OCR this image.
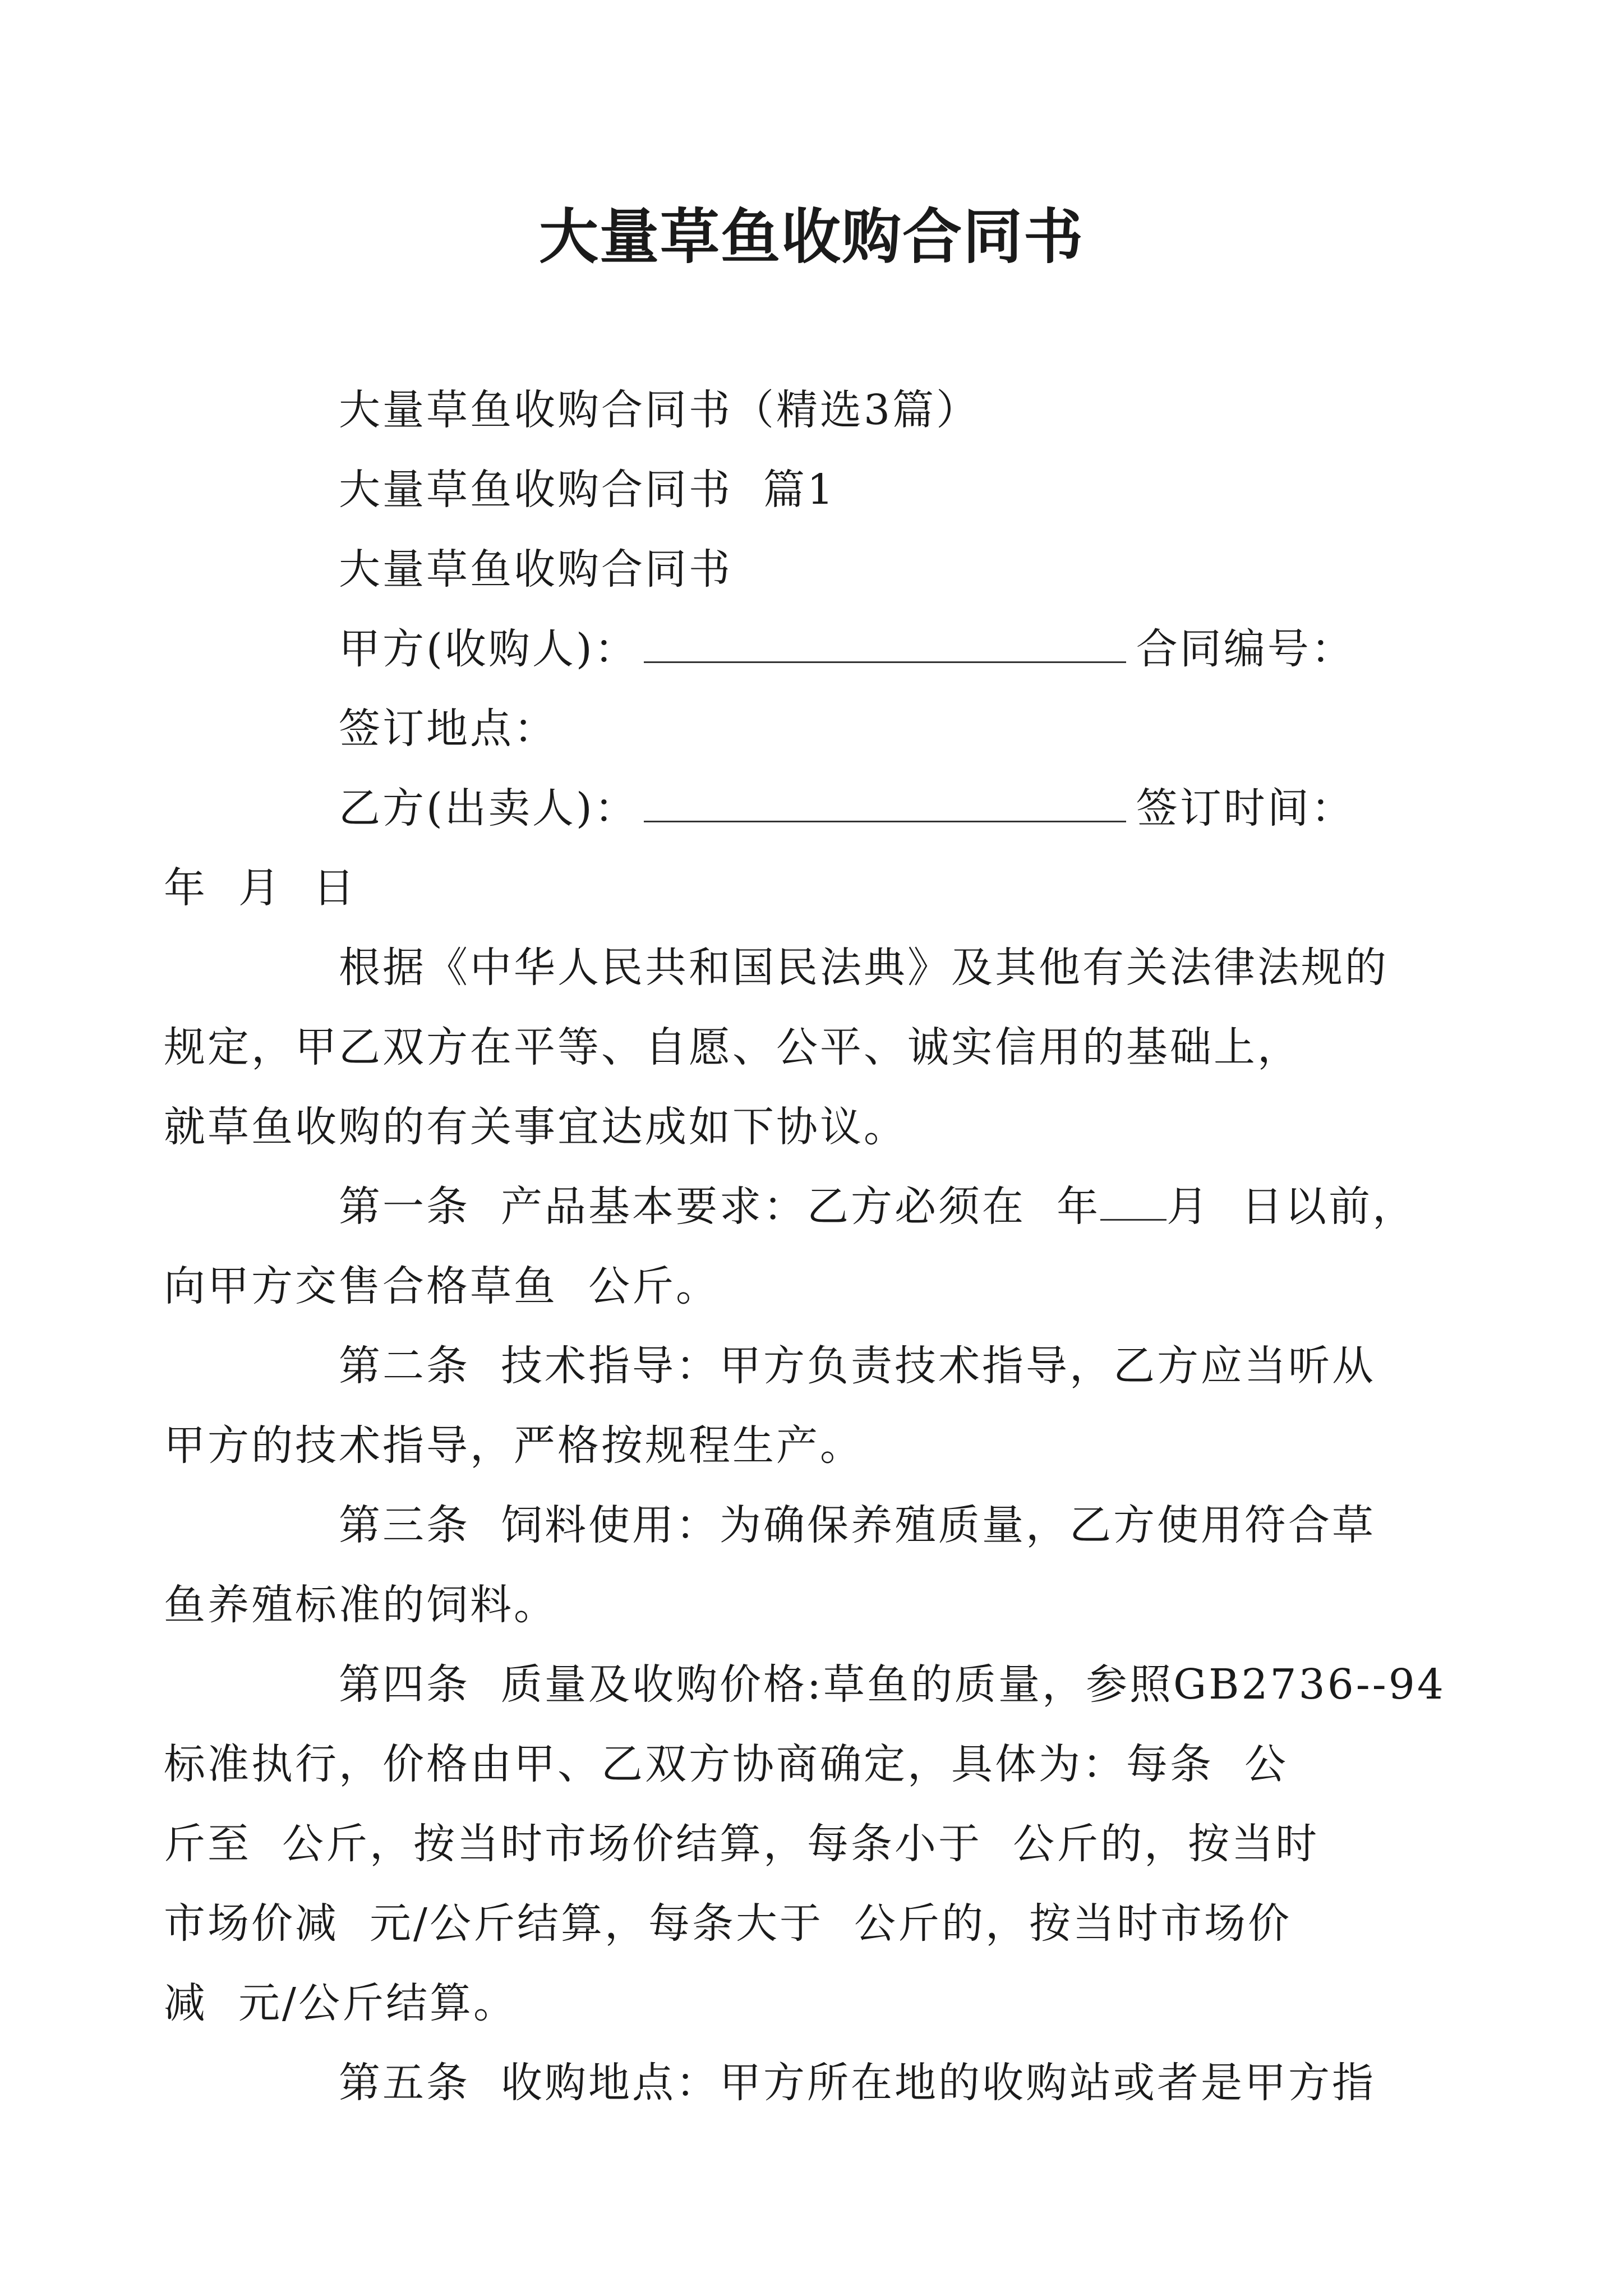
大量草鱼收购合同书
大量草鱼收购合同书（精选3篇）
大量草鱼收购合同书  篇1
大量草鱼收购合同书
甲方(收购人)：	合同编号：
签订地点：
乙方(出卖人)：	签订时间：
年  月  日
根据《中华人民共和国民法典》及其他有关法律法规的
规定，甲乙双方在平等、自愿、公平、诚实信用的基础上，
就草鱼收购的有关事宜达成如下协议。
第一条  产品基本要求：乙方必须在  年 月  日以前，
向甲方交售合格草鱼  公斤。
第二条  技术指导：甲方负责技术指导，乙方应当听从
甲方的技术指导，严格按规程生产。
第三条  饲料使用：为确保养殖质量，乙方使用符合草
鱼养殖标准的饲料。
第四条  质量及收购价格:草鱼的质量，参照GB2736--94
标准执行，价格由甲、乙双方协商确定，具体为：每条  公
斤至  公斤，按当时市场价结算，每条小于  公斤的，按当时
市场价减  元/公斤结算，每条大于  公斤的，按当时市场价
减  元/公斤结算。
第五条  收购地点：甲方所在地的收购站或者是甲方指
